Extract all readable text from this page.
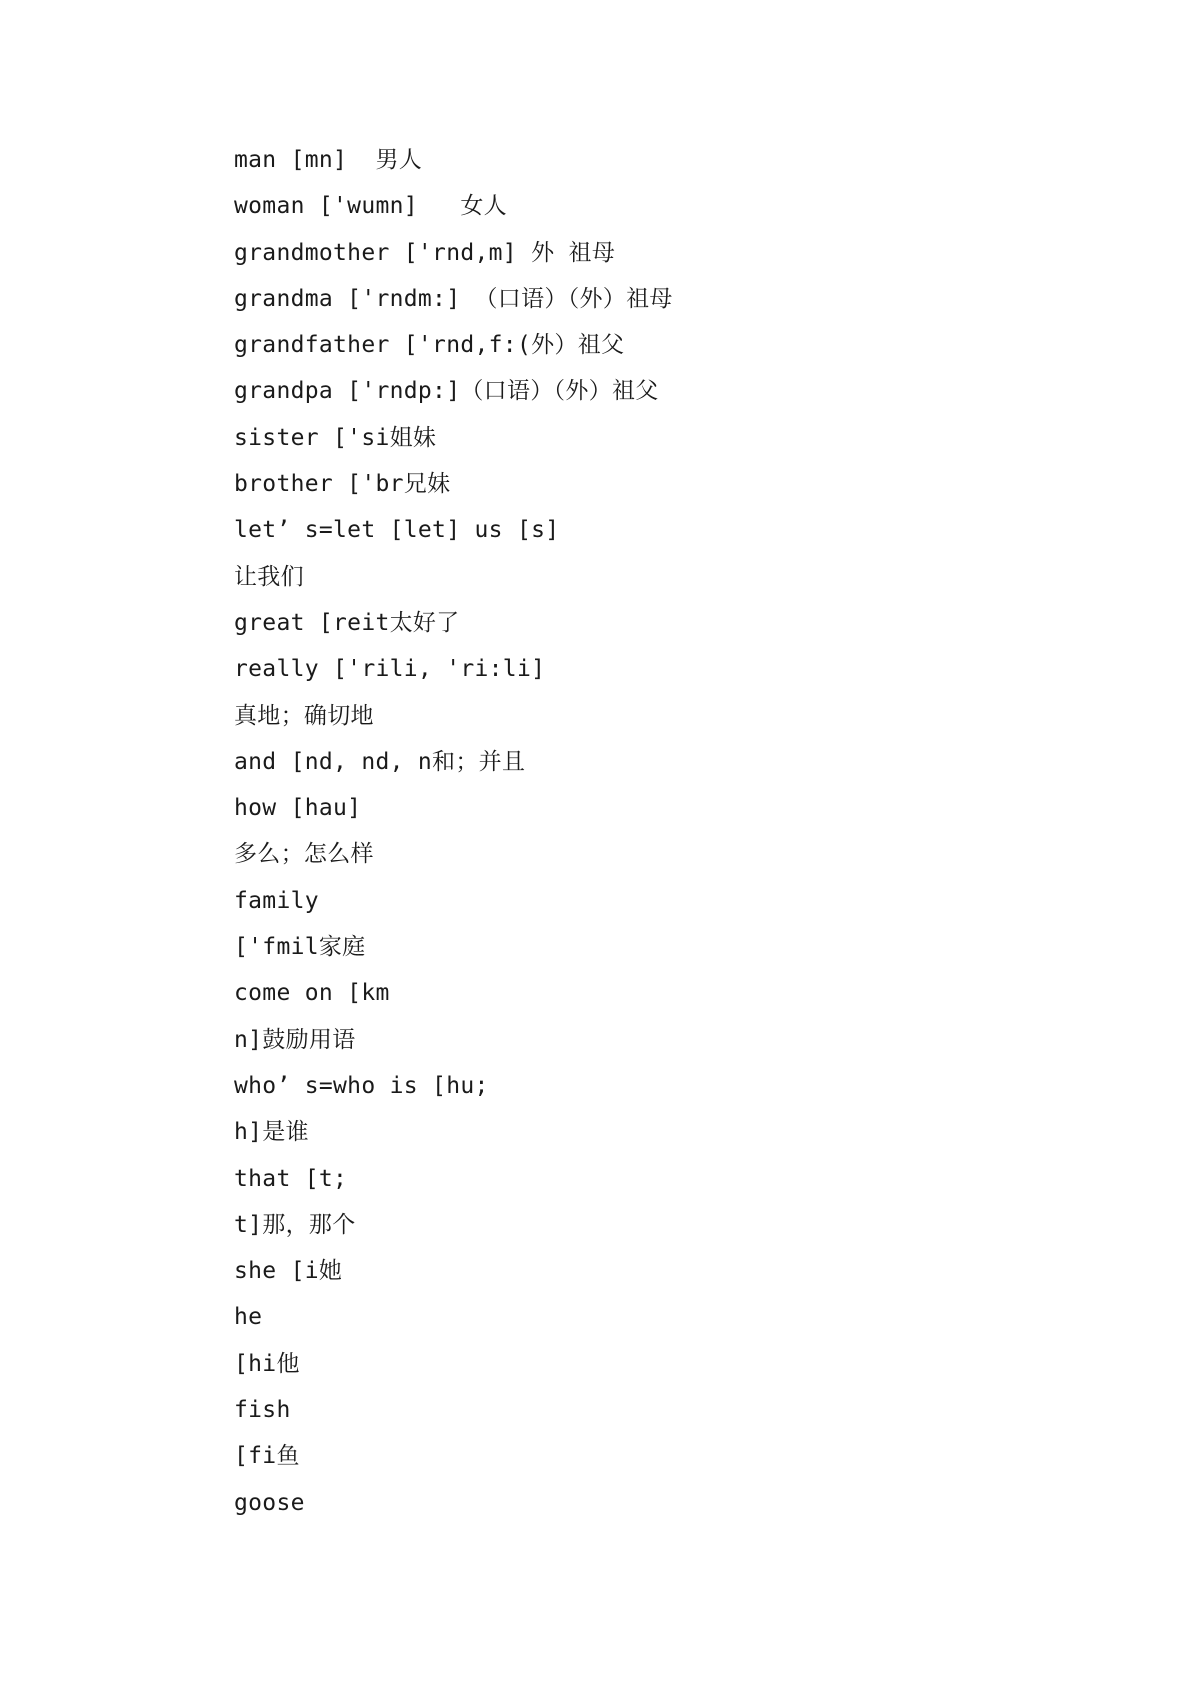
man [mn]  男人
woman ['wumn]   女人
grandmother ['rnd,m] 外 祖母
grandma ['rndm:] （口语）（外）祖母
grandfather ['rnd,f:(外）祖父
grandpa ['rndp:]（口语）（外）祖父
sister ['si姐妹
brother ['br兄妹
let’ s=let [let] us [s]
让我们
great [reit太好了
really ['rili, 'ri:li]
真地；确切地
and [nd, nd, n和；并且
how [hau]
多么；怎么样
family
['fmil家庭
come on [km
n]鼓励用语
who’ s=who is [hu;
h]是谁
that [t;
t]那，那个
she [i她
he
[hi他
fish
[fi鱼
goose
